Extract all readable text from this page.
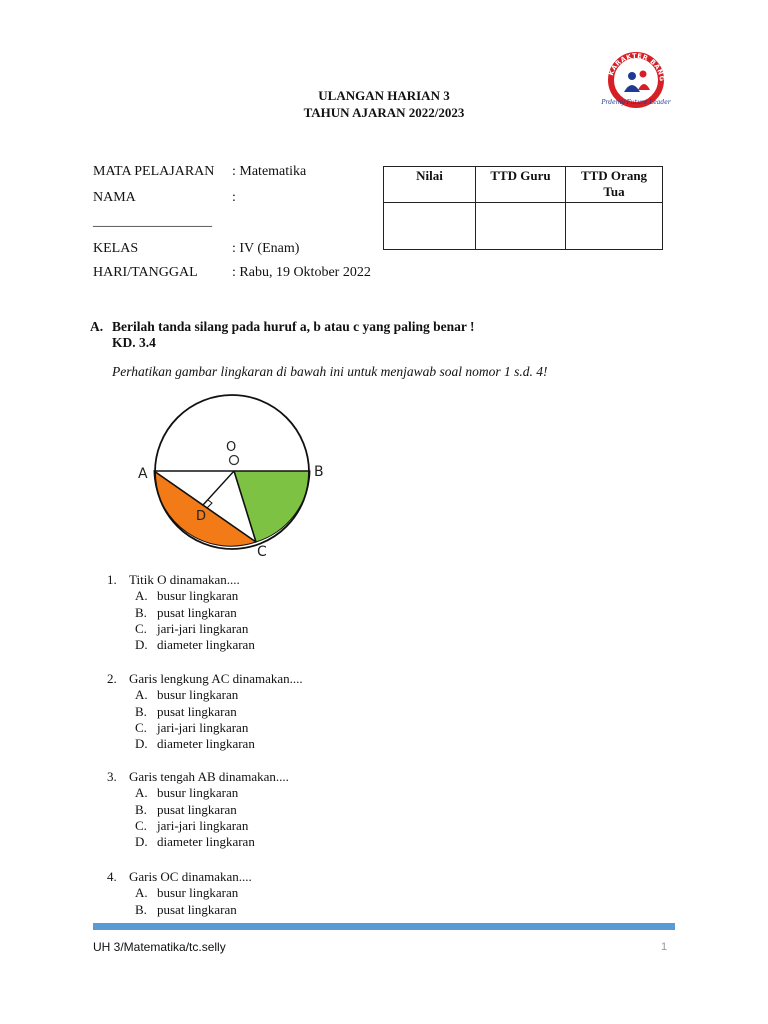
KARAKTER BANG
Prdemy Future Leader
ULANGAN HARIAN 3
TAHUN AJARAN 2022/2023
MATA PELAJARAN : Matematika
NAMA	:
_________________
KELAS	: IV (Enam)
HARI/TANGGAL : Rabu, 19 Oktober 2022
Nilai	TTD Guru	TTD Orang
Tua
A. Berilah tanda silang pada huruf a, b atau c yang paling benar !
KD. 3.4
Perhatikan gambar lingkaran di bawah ini untuk menjawab soal nomor 1 s.d. 4!
A	B
C
O
D
1. Titik O dinamakan....
A. busur lingkaran
B. pusat lingkaran
C. jari-jari lingkaran
D. diameter lingkaran
2. Garis lengkung AC dinamakan....
A. busur lingkaran
B. pusat lingkaran
C. jari-jari lingkaran
D. diameter lingkaran
3. Garis tengah AB dinamakan....
A. busur lingkaran
B. pusat lingkaran
C. jari-jari lingkaran
D. diameter lingkaran
4. Garis OC dinamakan....
A. busur lingkaran
B. pusat lingkaran
UH 3/Matematika/tc.selly	1
